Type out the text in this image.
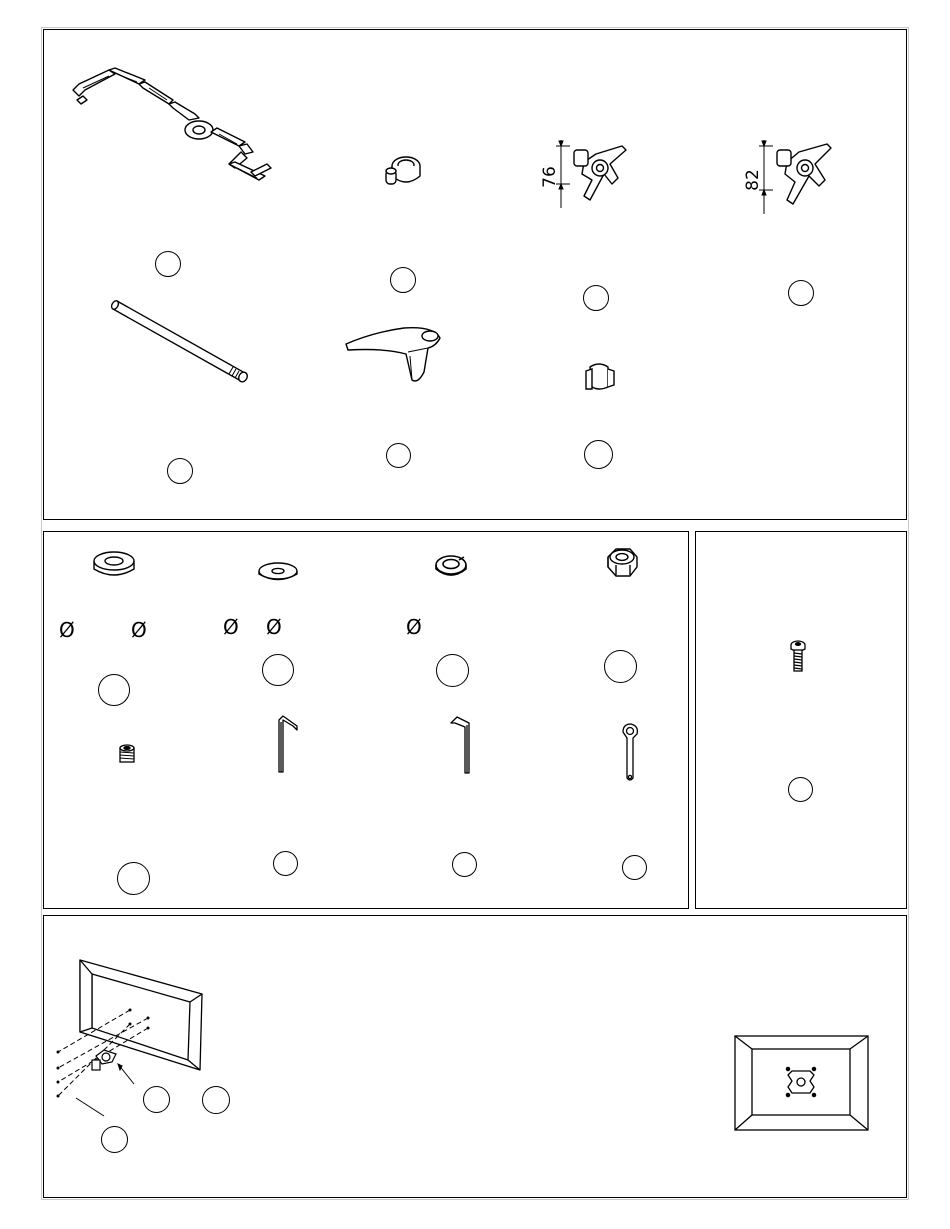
76	82
Ø	Ø	Ø Ø	Ø
